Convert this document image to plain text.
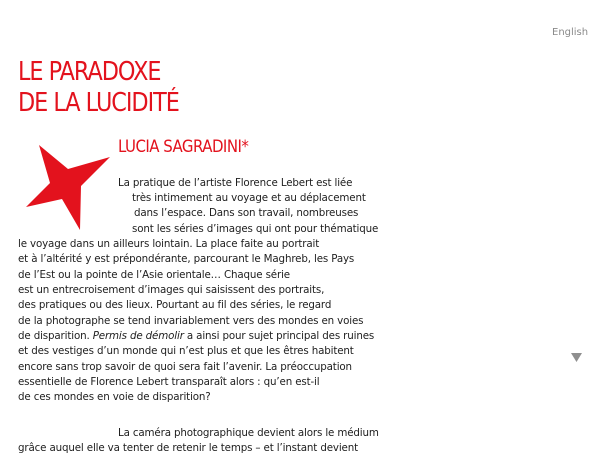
English
LE PARADOXE
DE LA LUCIDITÉ
LUCIA SAGRADINI*
La pratique de l’artiste Florence Lebert est liée
très intimement au voyage et au déplacement
dans l’espace. Dans son travail, nombreuses
sont les séries d’images qui ont pour thématique
le voyage dans un ailleurs lointain. La place faite au portrait
et à l’altérité y est prépondérante, parcourant le Maghreb, les Pays
de l’Est ou la pointe de l’Asie orientale… Chaque série
est un entrecroisement d’images qui saisissent des portraits,
des pratiques ou des lieux. Pourtant au fil des séries, le regard
de la photographe se tend invariablement vers des mondes en voies
de disparition. Permis de démolir a ainsi pour sujet principal des ruines
et des vestiges d’un monde qui n’est plus et que les êtres habitent
encore sans trop savoir de quoi sera fait l’avenir. La préoccupation
essentielle de Florence Lebert transparaît alors : qu’en est-il
de ces mondes en voie de disparition?
La caméra photographique devient alors le médium
grâce auquel elle va tenter de retenir le temps – et l’instant devient
